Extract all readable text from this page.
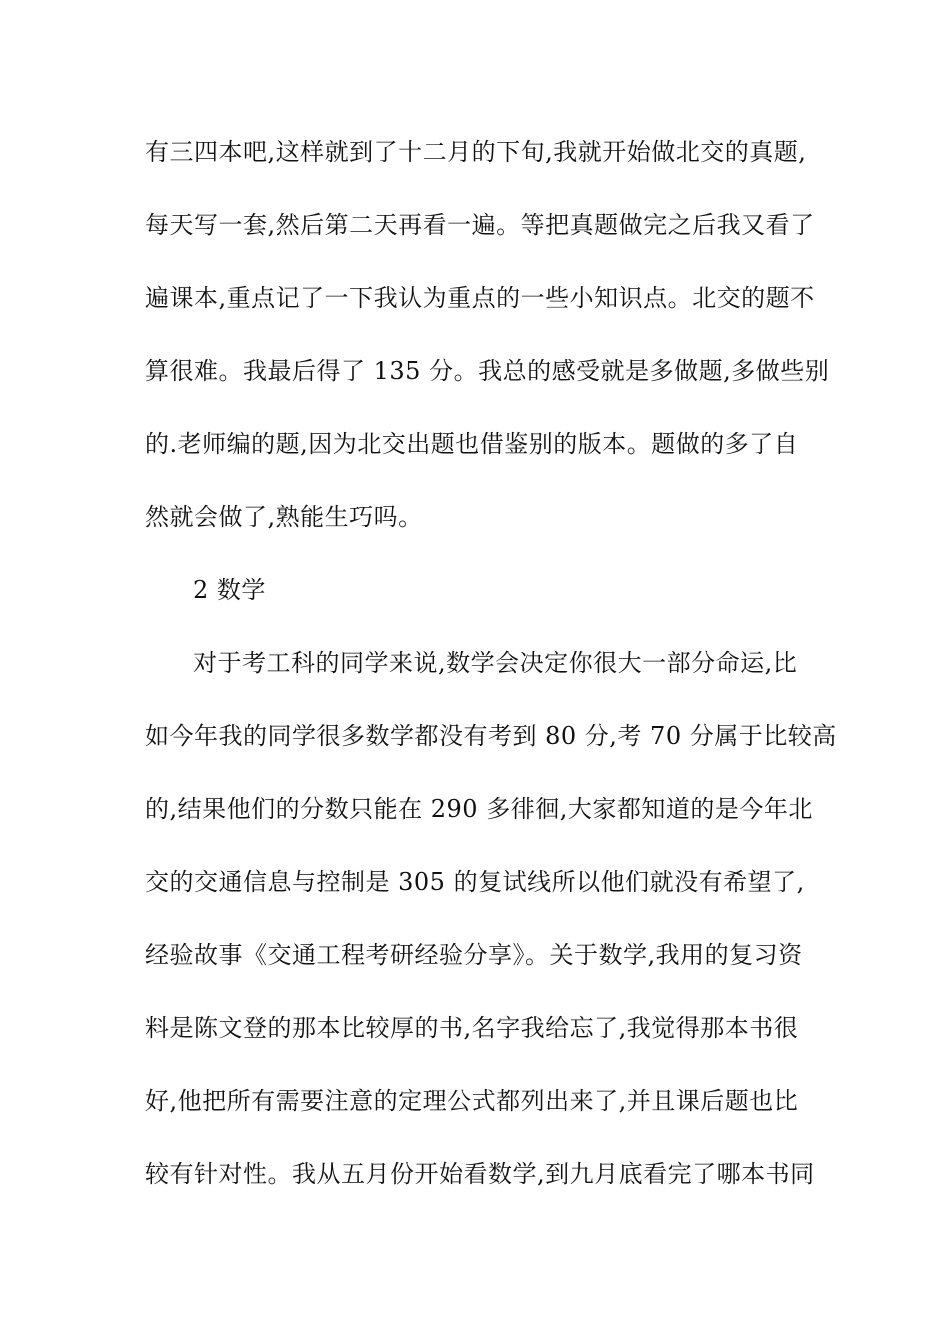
有三四本吧,这样就到了十二月的下旬,我就开始做北交的真题,
每天写一套,然后第二天再看一遍。等把真题做完之后我又看了
遍课本,重点记了一下我认为重点的一些小知识点。北交的题不
算很难。我最后得了 135 分。我总的感受就是多做题,多做些别
的.老师编的题,因为北交出题也借鉴别的版本。题做的多了自
然就会做了,熟能生巧吗。
2 数学
对于考工科的同学来说,数学会决定你很大一部分命运,比
如今年我的同学很多数学都没有考到 80 分,考 70 分属于比较高
的,结果他们的分数只能在 290 多徘徊,大家都知道的是今年北
交的交通信息与控制是 305 的复试线所以他们就没有希望了,
经验故事《交通工程考研经验分享》。关于数学,我用的复习资
料是陈文登的那本比较厚的书,名字我给忘了,我觉得那本书很
好,他把所有需要注意的定理公式都列出来了,并且课后题也比
较有针对性。我从五月份开始看数学,到九月底看完了哪本书同
